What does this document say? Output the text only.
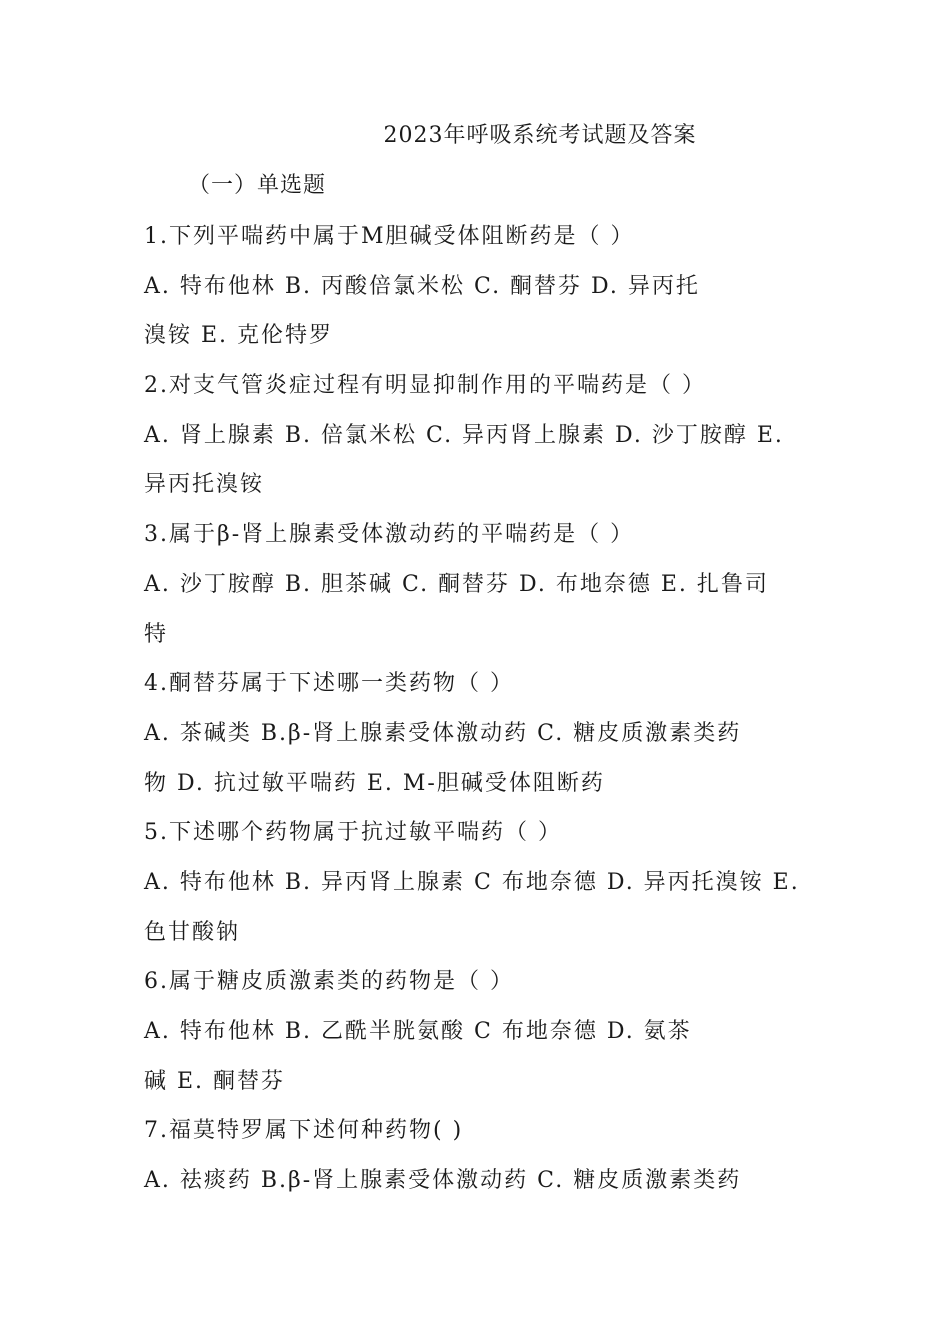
2023年呼吸系统考试题及答案
（一）单选题
1.下列平喘药中属于M胆碱受体阻断药是（ ）
A. 特布他林 B. 丙酸倍氯米松 C. 酮替芬 D. 异丙托
溴铵 E. 克伦特罗
2.对支气管炎症过程有明显抑制作用的平喘药是（ ）
A. 肾上腺素 B. 倍氯米松 C. 异丙肾上腺素 D. 沙丁胺醇 E.
异丙托溴铵
3.属于β-肾上腺素受体激动药的平喘药是（ ）
A. 沙丁胺醇 B. 胆茶碱 C. 酮替芬 D. 布地奈德 E. 扎鲁司
特
4.酮替芬属于下述哪一类药物（ ）
A. 茶碱类 B.β-肾上腺素受体激动药 C. 糖皮质激素类药
物 D. 抗过敏平喘药 E. M-胆碱受体阻断药
5.下述哪个药物属于抗过敏平喘药（ ）
A. 特布他林 B. 异丙肾上腺素 C 布地奈德 D. 异丙托溴铵 E.
色甘酸钠
6.属于糖皮质激素类的药物是（ ）
A. 特布他林 B. 乙酰半胱氨酸 C 布地奈德 D. 氨茶
碱 E. 酮替芬
7.福莫特罗属下述何种药物( )
A. 祛痰药 B.β-肾上腺素受体激动药 C. 糖皮质激素类药
